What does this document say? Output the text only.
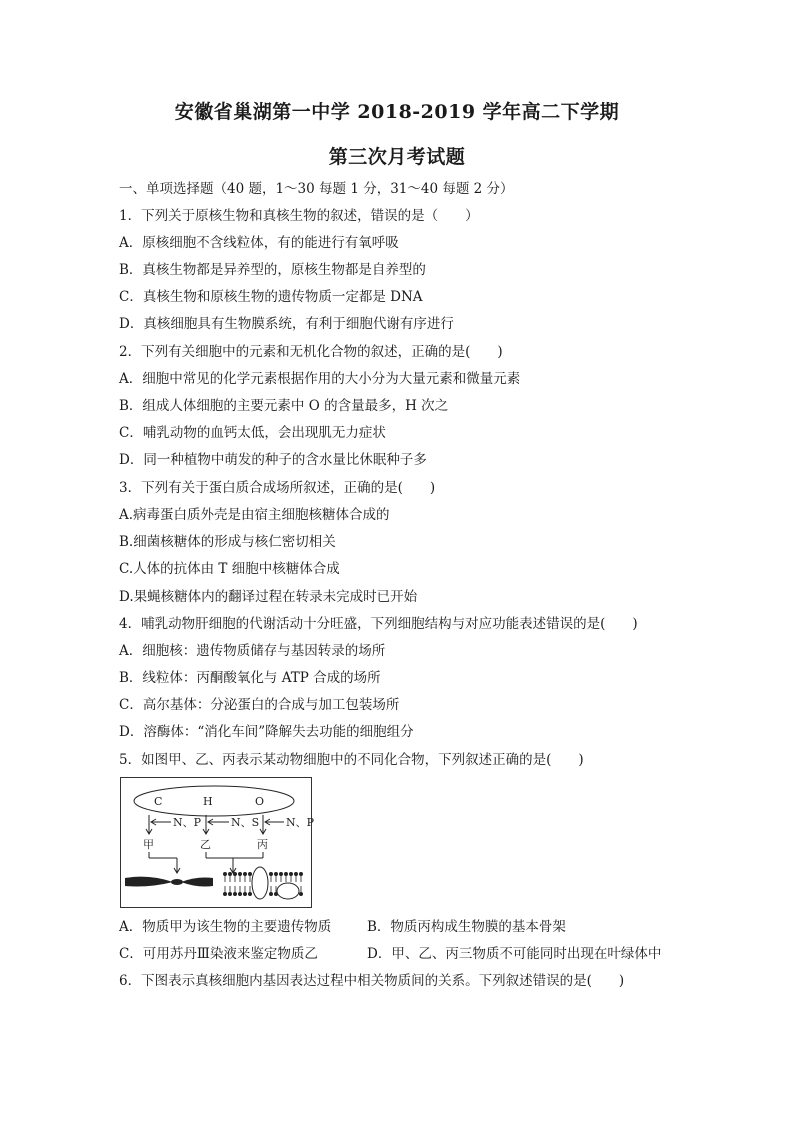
安徽省巢湖第一中学 2018-2019 学年高二下学期
第三次月考试题
一、单项选择题（40 题，1～30 每题 1 分，31～40 每题 2 分）
1．下列关于原核生物和真核生物的叙述，错误的是（　　）
A．原核细胞不含线粒体，有的能进行有氧呼吸
B．真核生物都是异养型的，原核生物都是自养型的
C．真核生物和原核生物的遗传物质一定都是 DNA
D．真核细胞具有生物膜系统，有利于细胞代谢有序进行
2．下列有关细胞中的元素和无机化合物的叙述，正确的是(　　)
A．细胞中常见的化学元素根据作用的大小分为大量元素和微量元素
B．组成人体细胞的主要元素中 O 的含量最多，H 次之
C．哺乳动物的血钙太低，会出现肌无力症状
D．同一种植物中萌发的种子的含水量比休眠种子多
3．下列有关于蛋白质合成场所叙述，正确的是(　　)
A.病毒蛋白质外壳是由宿主细胞核糖体合成的
B.细菌核糖体的形成与核仁密切相关
C.人体的抗体由 T 细胞中核糖体合成
D.果蝇核糖体内的翻译过程在转录未完成时已开始
4．哺乳动物肝细胞的代谢活动十分旺盛，下列细胞结构与对应功能表述错误的是(　　)
A．细胞核：遗传物质储存与基因转录的场所
B．线粒体：丙酮酸氧化与 ATP 合成的场所
C．高尔基体：分泌蛋白的合成与加工包装场所
D．溶酶体：“消化车间”降解失去功能的细胞组分
5．如图甲、乙、丙表示某动物细胞中的不同化合物，下列叙述正确的是(　　)
C	H	O
N、P	N、S N、P
甲	乙	丙
A．物质甲为该生物的主要遗传物质	B．物质丙构成生物膜的基本骨架
C．可用苏丹Ⅲ染液来鉴定物质乙	D．甲、乙、丙三物质不可能同时出现在叶绿体中
6．下图表示真核细胞内基因表达过程中相关物质间的关系。下列叙述错误的是(　　)
